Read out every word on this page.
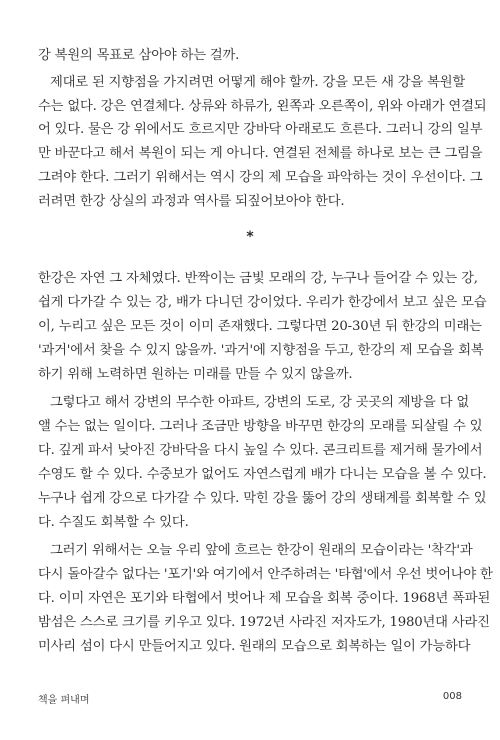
강 복원의 목표로 삼아야 하는 걸까.
제대로 된 지향점을 가지려면 어떻게 해야 할까. 강을 모든 새 강을 복원할
수는 없다. 강은 연결체다. 상류와 하류가, 왼쪽과 오른쪽이, 위와 아래가 연결되
어 있다. 물은 강 위에서도 흐르지만 강바닥 아래로도 흐른다. 그러니 강의 일부
만 바꾼다고 해서 복원이 되는 게 아니다. 연결된 전체를 하나로 보는 큰 그림을
그려야 한다. 그러기 위해서는 역시 강의 제 모습을 파악하는 것이 우선이다. 그
러려면 한강 상실의 과정과 역사를 되짚어보아야 한다.
*
한강은 자연 그 자체였다. 반짝이는 금빛 모래의 강, 누구나 들어갈 수 있는 강,
쉽게 다가갈 수 있는 강, 배가 다니던 강이었다. 우리가 한강에서 보고 싶은 모습
이, 누리고 싶은 모든 것이 이미 존재했다. 그렇다면 20-30년 뒤 한강의 미래는
'과거'에서 찾을 수 있지 않을까. '과거'에 지향점을 두고, 한강의 제 모습을 회복
하기 위해 노력하면 원하는 미래를 만들 수 있지 않을까.
그렇다고 해서 강변의 무수한 아파트, 강변의 도로, 강 곳곳의 제방을 다 없
앨 수는 없는 일이다. 그러나 조금만 방향을 바꾸면 한강의 모래를 되살릴 수 있
다. 깊게 파서 낮아진 강바닥을 다시 높일 수 있다. 콘크리트를 제거해 물가에서
수영도 할 수 있다. 수중보가 없어도 자연스럽게 배가 다니는 모습을 볼 수 있다.
누구나 쉽게 강으로 다가갈 수 있다. 막힌 강을 뚫어 강의 생태계를 회복할 수 있
다. 수질도 회복할 수 있다.
그러기 위해서는 오늘 우리 앞에 흐르는 한강이 원래의 모습이라는 '착각'과
다시 돌아갈수 없다는 '포기'와 여기에서 안주하려는 '타협'에서 우선 벗어나야 한
다. 이미 자연은 포기와 타협에서 벗어나 제 모습을 회복 중이다. 1968년 폭파된
밤섬은 스스로 크기를 키우고 있다. 1972년 사라진 저자도가, 1980년대 사라진
미사리 섬이 다시 만들어지고 있다. 원래의 모습으로 회복하는 일이 가능하다
책을 펴내며	008
